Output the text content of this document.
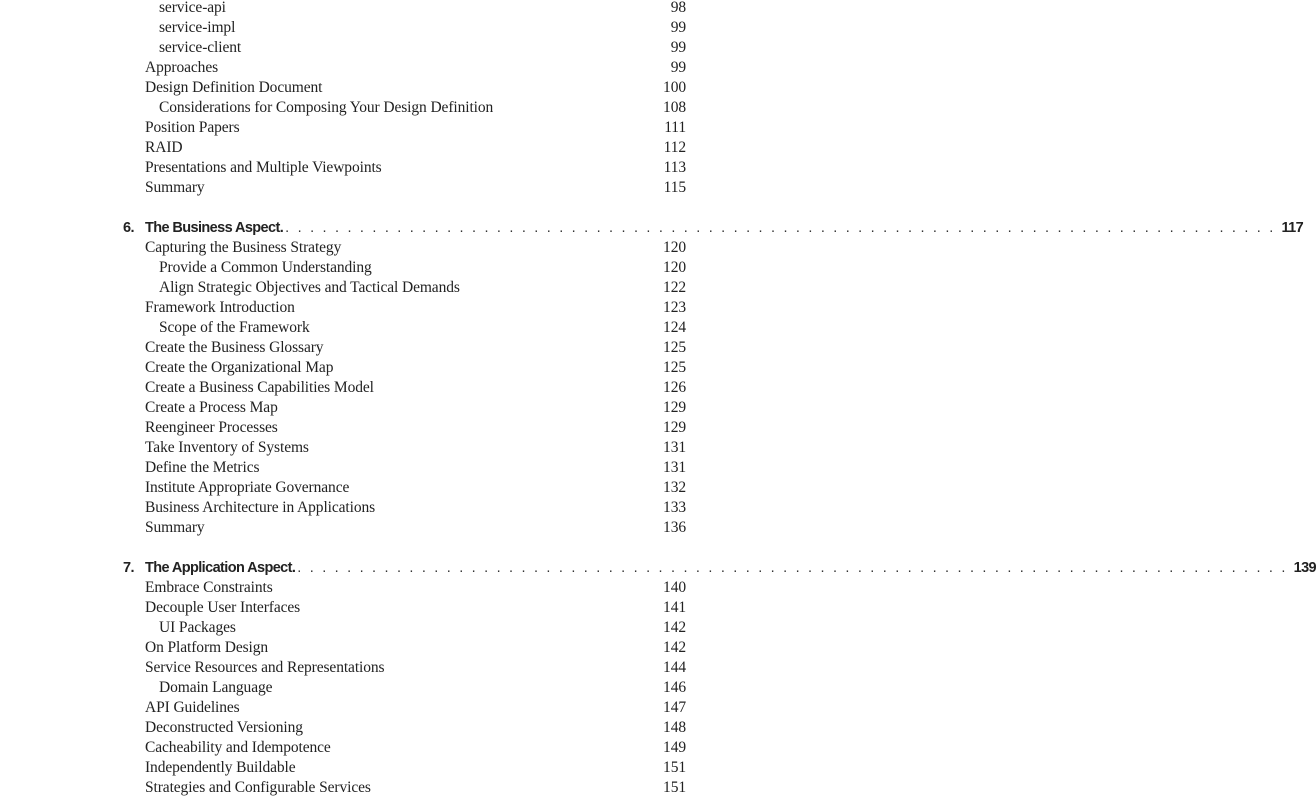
service-api	98
service-impl	99
service-client	99
Approaches	99
Design Definition Document	100
Considerations for Composing Your Design Definition	108
Position Papers	111
RAID	112
Presentations and Multiple Viewpoints	113
Summary	115
6. The Business Aspect. . . . . . . . . . . . . . . . . . . . . . . . . . . . . . . . . . . . . . . . . . . . . . . . . . . . . . . . . . . . . . . . . . . . . . . . . . . . . . . . . 117
Capturing the Business Strategy	120
Provide a Common Understanding	120
Align Strategic Objectives and Tactical Demands	122
Framework Introduction	123
Scope of the Framework	124
Create the Business Glossary	125
Create the Organizational Map	125
Create a Business Capabilities Model	126
Create a Process Map	129
Reengineer Processes	129
Take Inventory of Systems	131
Define the Metrics	131
Institute Appropriate Governance	132
Business Architecture in Applications	133
Summary	136
7. The Application Aspect. . . . . . . . . . . . . . . . . . . . . . . . . . . . . . . . . . . . . . . . . . . . . . . . . . . . . . . . . . . . . . . . . . . . . . . . . . . . . . . . . 139
Embrace Constraints	140
Decouple User Interfaces	141
UI Packages	142
On Platform Design	142
Service Resources and Representations	144
Domain Language	146
API Guidelines	147
Deconstructed Versioning	148
Cacheability and Idempotence	149
Independently Buildable	151
Strategies and Configurable Services	151
